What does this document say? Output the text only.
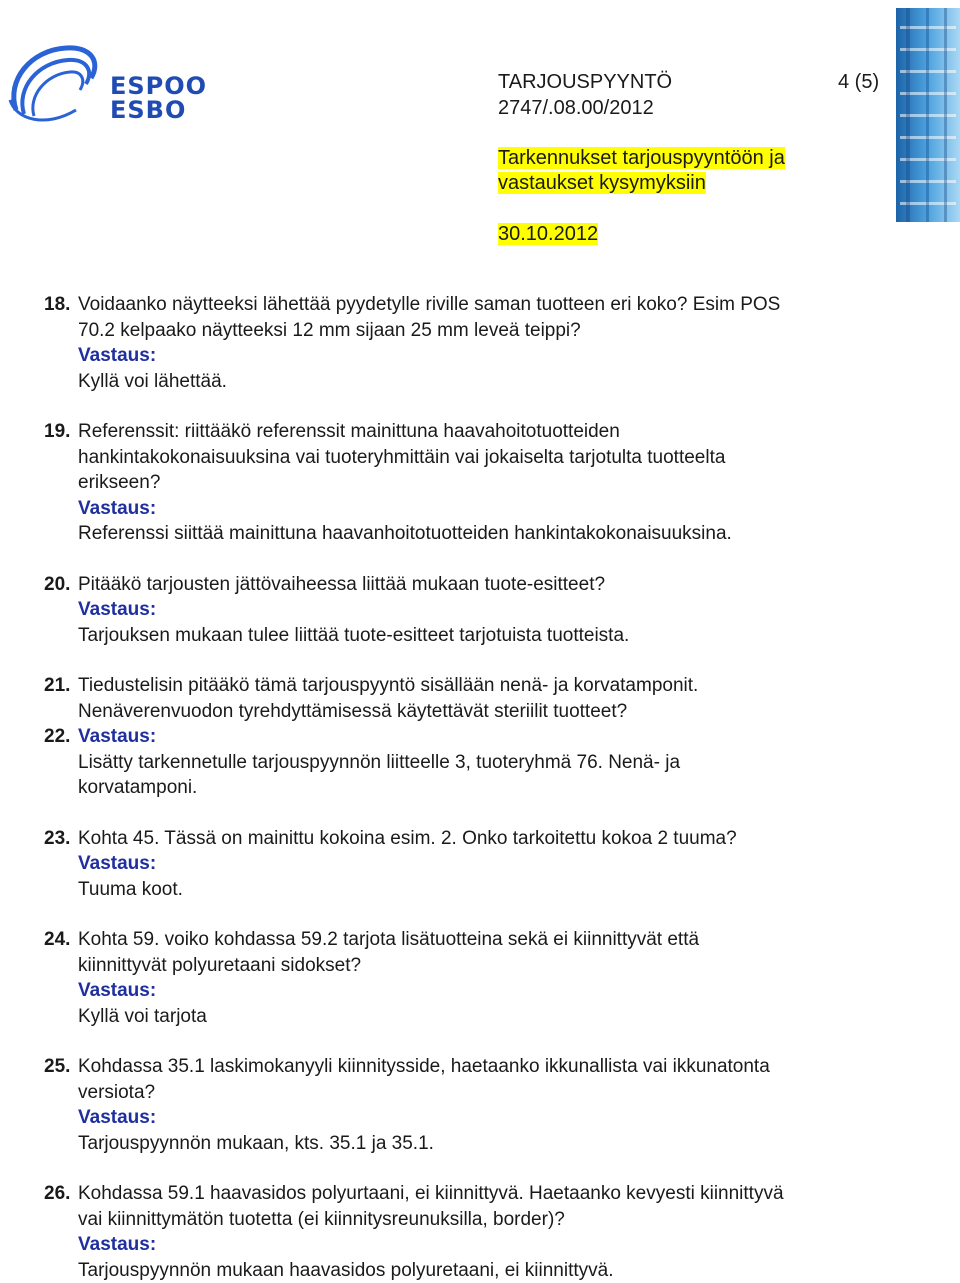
ESPOO
ESBO
TARJOUSPYYNTÖ	4 (5)
2747/.08.00/2012
Tarkennukset tarjouspyyntöön ja
vastaukset kysymyksiin
30.10.2012
18. Voidaanko näytteeksi lähettää pyydetylle riville saman tuotteen eri koko? Esim POS
70.2 kelpaako näytteeksi 12 mm sijaan 25 mm leveä teippi?
Vastaus:
Kyllä voi lähettää.
19. Referenssit: riittääkö referenssit mainittuna haavahoitotuotteiden
hankintakokonaisuuksina vai tuoteryhmittäin vai jokaiselta tarjotulta tuotteelta
erikseen?
Vastaus:
Referenssi siittää mainittuna haavanhoitotuotteiden hankintakokonaisuuksina.
20. Pitääkö tarjousten jättövaiheessa liittää mukaan tuote-esitteet?
Vastaus:
Tarjouksen mukaan tulee liittää tuote-esitteet tarjotuista tuotteista.
21. Tiedustelisin pitääkö tämä tarjouspyyntö sisällään nenä- ja korvatamponit.
Nenäverenvuodon tyrehdyttämisessä käytettävät steriilit tuotteet?
22. Vastaus:
Lisätty tarkennetulle tarjouspyynnön liitteelle 3, tuoteryhmä 76. Nenä- ja
korvatamponi.
23. Kohta 45. Tässä on mainittu kokoina esim. 2. Onko tarkoitettu kokoa 2 tuuma?
Vastaus:
Tuuma koot.
24. Kohta 59. voiko kohdassa 59.2 tarjota lisätuotteina sekä ei kiinnittyvät että
kiinnittyvät polyuretaani sidokset?
Vastaus:
Kyllä voi tarjota
25. Kohdassa 35.1 laskimokanyyli kiinnitysside, haetaanko ikkunallista vai ikkunatonta
versiota?
Vastaus:
Tarjouspyynnön mukaan, kts. 35.1 ja 35.1.
26. Kohdassa 59.1 haavasidos polyurtaani, ei kiinnittyvä. Haetaanko kevyesti kiinnittyvä
vai kiinnittymätön tuotetta (ei kiinnitysreunuksilla, border)?
Vastaus:
Tarjouspyynnön mukaan haavasidos polyuretaani, ei kiinnittyvä.
